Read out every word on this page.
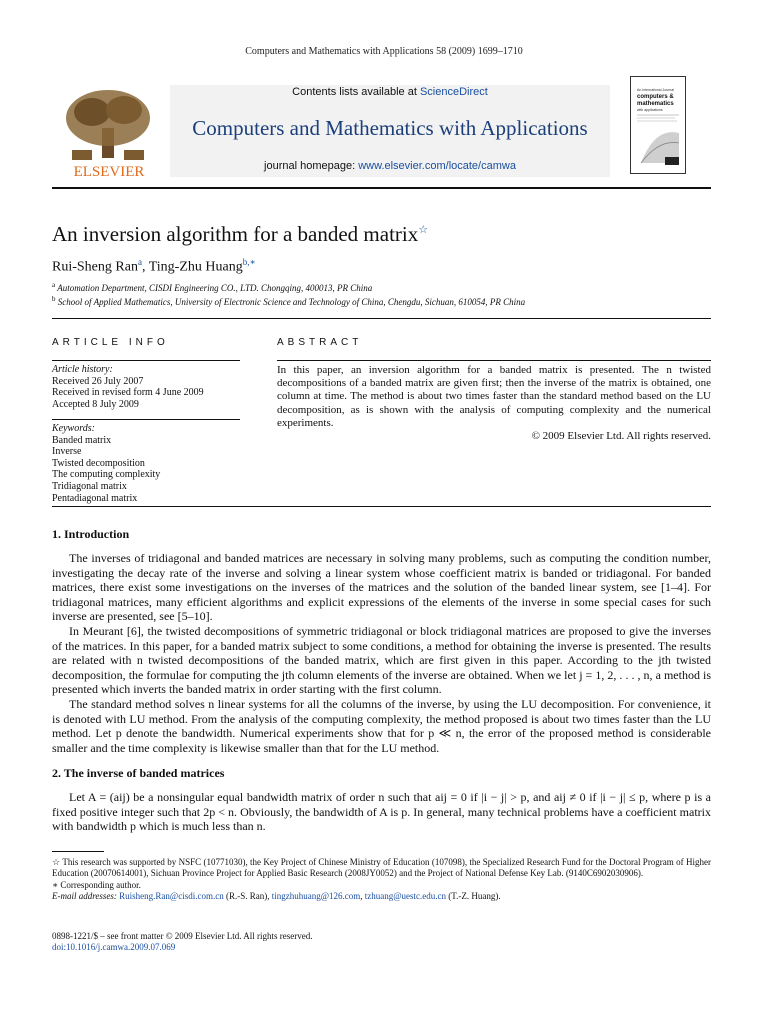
Computers and Mathematics with Applications 58 (2009) 1699–1710
ELSEVIER
Contents lists available at ScienceDirect
Computers and Mathematics with Applications
journal homepage: www.elsevier.com/locate/camwa
An International Journal
computers &
mathematics
with applications
An inversion algorithm for a banded matrix☆
Rui-Sheng Ran$^a$, Ting-Zhu Huang$^{b,∗}$
$^a$ Automation Department, CISDI Engineering CO., LTD. Chongqing, 400013, PR China
$^b$ School of Applied Mathematics, University of Electronic Science and Technology of China, Chengdu, Sichuan, 610054, PR China
ARTICLE INFO
Article history:
Received 26 July 2007
Received in revised form 4 June 2009
Accepted 8 July 2009
Keywords:
Banded matrix
Inverse
Twisted decomposition
The computing complexity
Tridiagonal matrix
Pentadiagonal matrix
ABSTRACT
In this paper, an inversion algorithm for a banded matrix is presented. The n twisted decompositions of a banded matrix are given first; then the inverse of the matrix is obtained, one column at time. The method is about two times faster than the standard method based on the LU decomposition, as is shown with the analysis of computing complexity and the numerical experiments.
© 2009 Elsevier Ltd. All rights reserved.
1. Introduction

The inverses of tridiagonal and banded matrices are necessary in solving many problems, such as computing the condition number, investigating the decay rate of the inverse and solving a linear system whose coefficient matrix is banded or tridiagonal. For banded matrices, there exist some investigations on the inverses of the matrices and the solution of the banded linear system, see [1–4]. For tridiagonal matrices, many efficient algorithms and explicit expressions of the elements of the inverse in some special cases for such inverse are presented, see [5–10].

In Meurant [6], the twisted decompositions of symmetric tridiagonal or block tridiagonal matrices are proposed to give the inverses of the matrices. In this paper, for a banded matrix subject to some conditions, a method for obtaining the inverse is presented. The results are related with n twisted decompositions of the banded matrix, which are first given in this paper. According to the jth twisted decomposition, the formulae for computing the jth column elements of the inverse are obtained. When we let j = 1, 2, . . . , n, a method is presented which inverts the banded matrix in order starting with the first column.

The standard method solves n linear systems for all the columns of the inverse, by using the LU decomposition. For convenience, it is denoted with LU method. From the analysis of the computing complexity, the method proposed is about two times faster than the LU method. Let p denote the bandwidth. Numerical experiments show that for p ≪ n, the error of the proposed method is considerable smaller and the time complexity is likewise smaller than that for the LU method.

2. The inverse of banded matrices

Let A = (aij) be a nonsingular equal bandwidth matrix of order n such that aij = 0 if |i − j| > p, and aij ≠ 0 if |i − j| ≤ p, where p is a fixed positive integer such that 2p < n. Obviously, the bandwidth of A is p. In general, many technical problems have a coefficient matrix with bandwidth p which is much less than n.

☆ This research was supported by NSFC (10771030), the Key Project of Chinese Ministry of Education (107098), the Specialized Research Fund for the Doctoral Program of Higher Education (20070614001), Sichuan Province Project for Applied Basic Research (2008JY0052) and the Project of National Defense Key Lab. (9140C6902030906).

∗ Corresponding author.

E-mail addresses: Ruisheng.Ran@cisdi.com.cn (R.-S. Ran), tingzhuhuang@126.com, tzhuang@uestc.edu.cn (T.-Z. Huang).

0898-1221/$ – see front matter © 2009 Elsevier Ltd. All rights reserved.

doi:10.1016/j.camwa.2009.07.069
